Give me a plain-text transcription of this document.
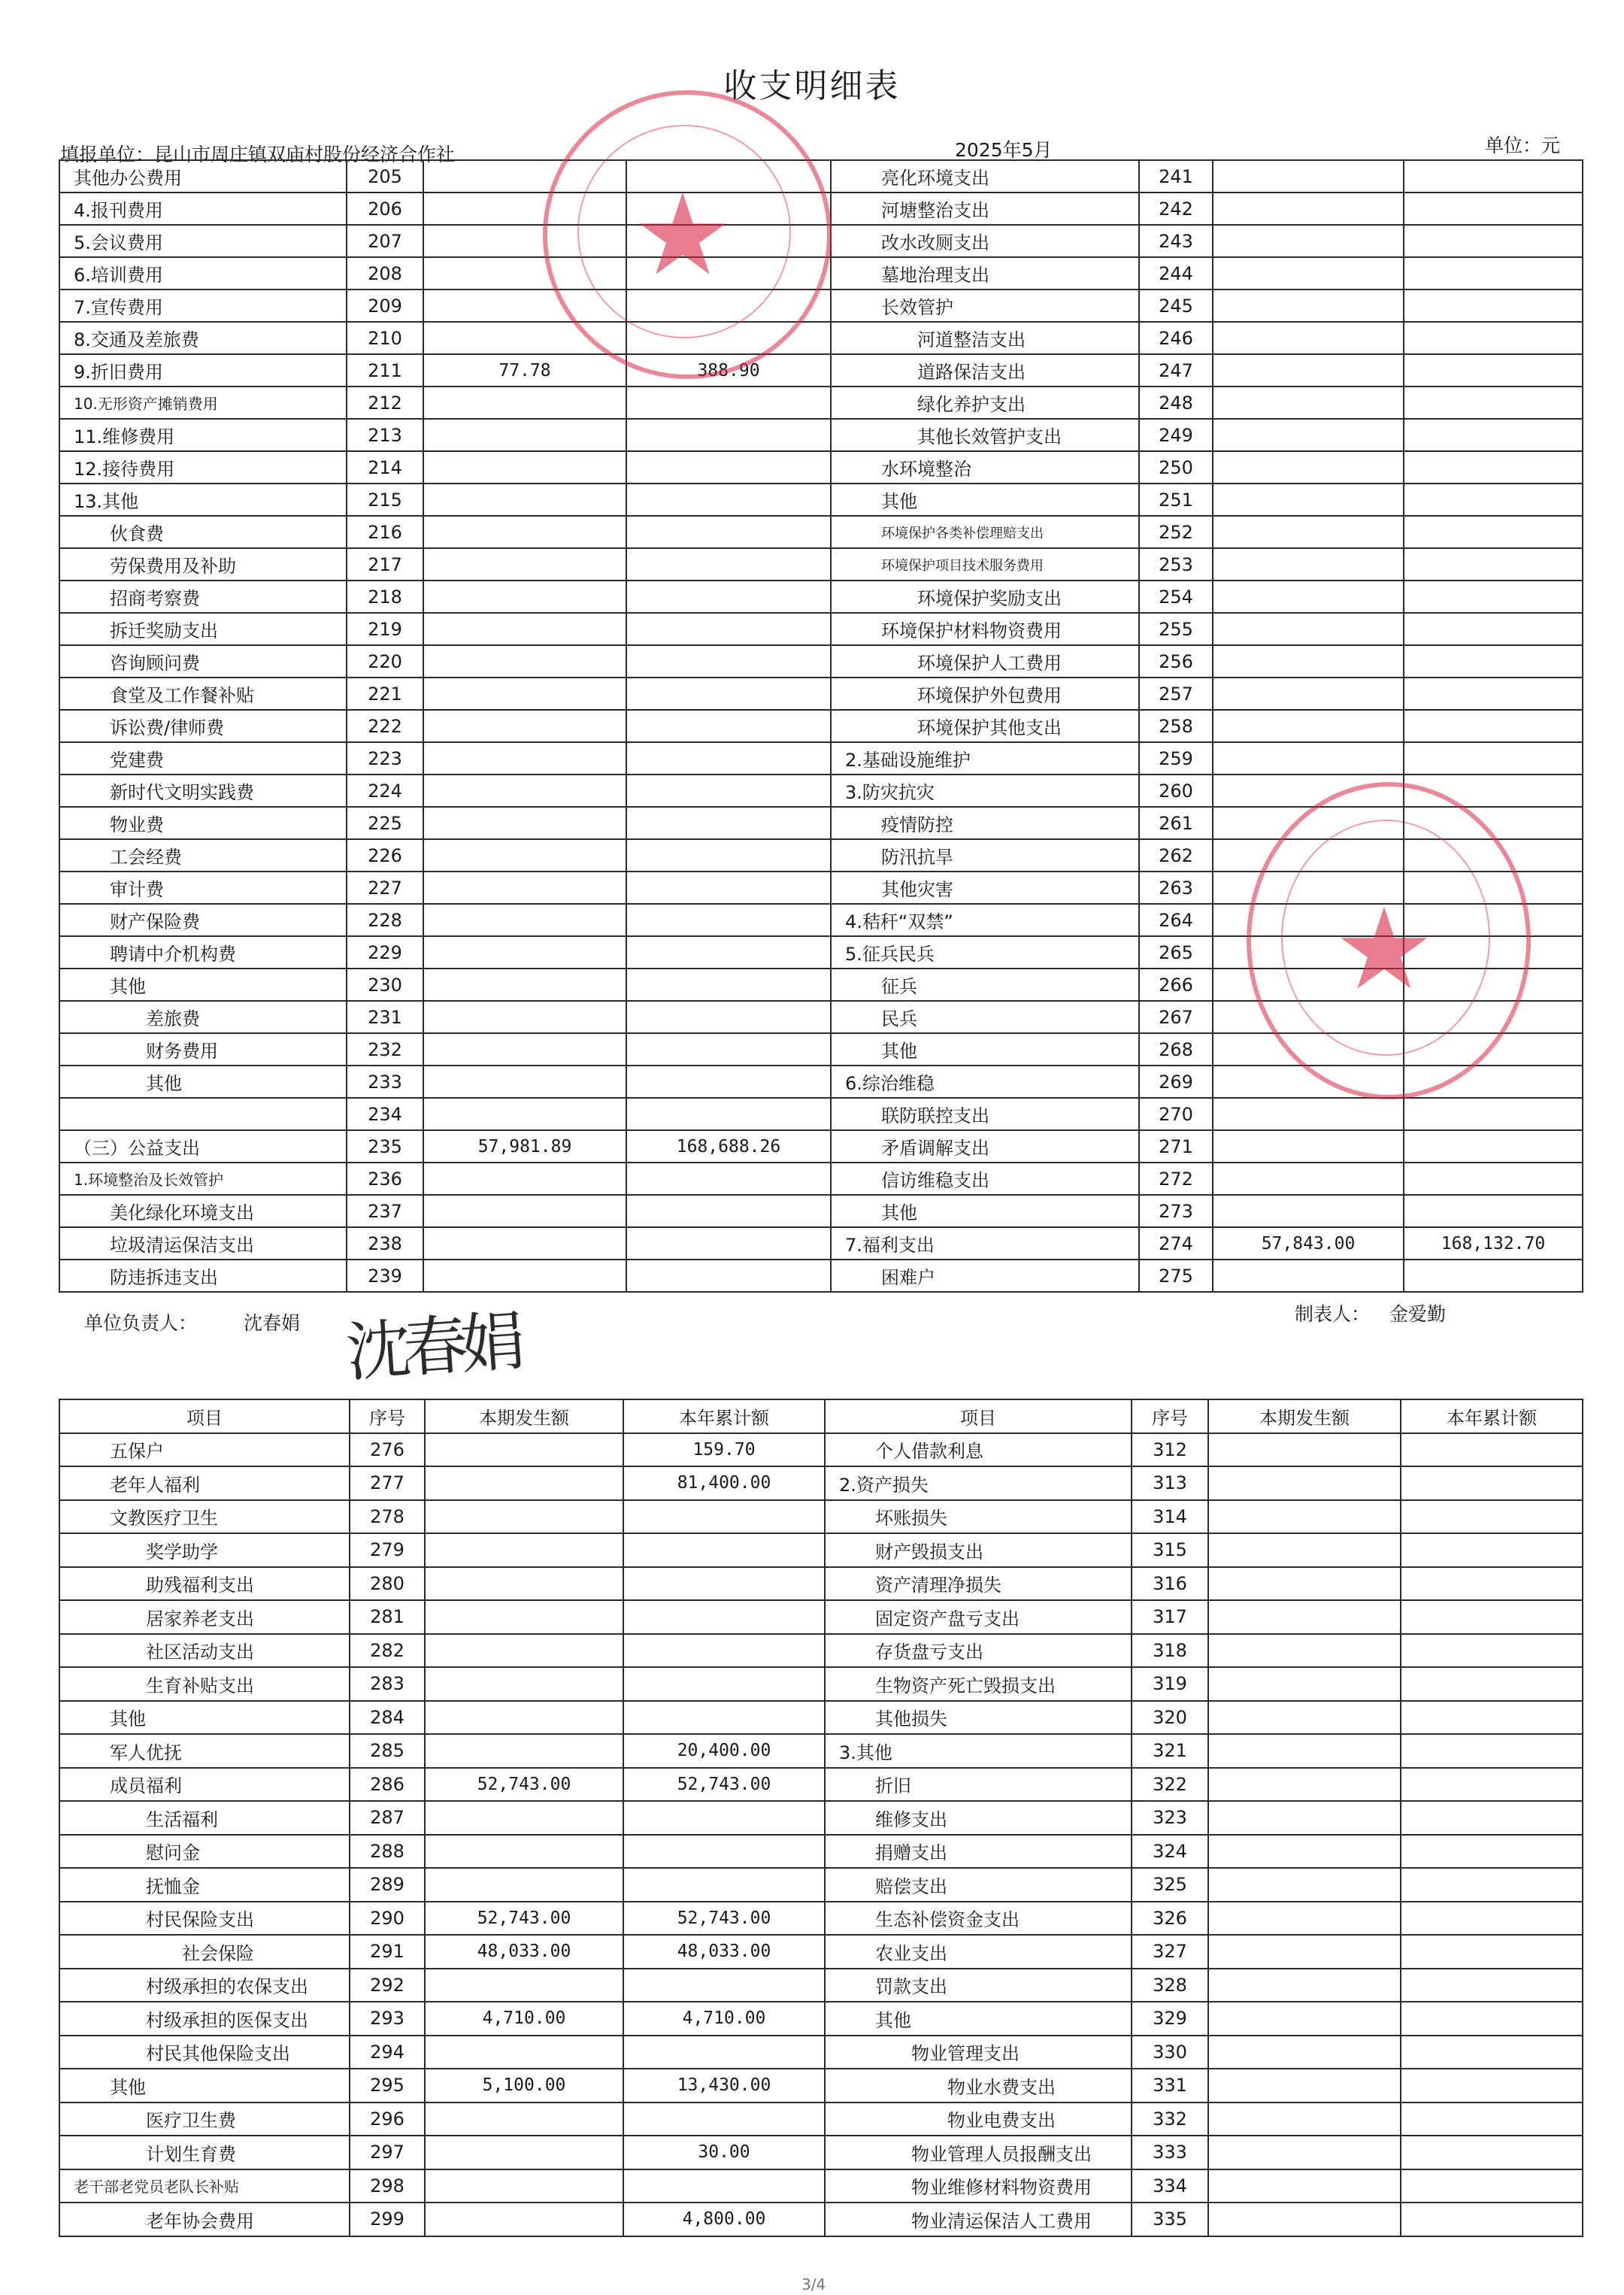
收支明细表
填报单位：昆山市周庄镇双庙村股份经济合作社	2025年5月	单位：元
其他办公费用	205			亮化环境支出	241		
4.报刊费用	206			河塘整治支出	242		
5.会议费用	207			改水改厕支出	243		
6.培训费用	208			墓地治理支出	244		
7.宣传费用	209			长效管护	245		
8.交通及差旅费	210			河道整洁支出	246		
9.折旧费用	211	77.78	388.90	道路保洁支出	247		
10.无形资产摊销费用	212			绿化养护支出	248		
11.维修费用	213			其他长效管护支出	249		
12.接待费用	214			水环境整治	250		
13.其他	215			其他	251		
伙食费	216			环境保护各类补偿理赔支出	252		
劳保费用及补助	217			环境保护项目技术服务费用	253		
招商考察费	218			环境保护奖励支出	254		
拆迁奖励支出	219			环境保护材料物资费用	255		
咨询顾问费	220			环境保护人工费用	256		
食堂及工作餐补贴	221			环境保护外包费用	257		
诉讼费/律师费	222			环境保护其他支出	258		
党建费	223			2.基础设施维护	259		
新时代文明实践费	224			3.防灾抗灾	260		
物业费	225			疫情防控	261		
工会经费	226			防汛抗旱	262		
审计费	227			其他灾害	263		
财产保险费	228			4.秸秆“双禁”	264		
聘请中介机构费	229			5.征兵民兵	265		
其他	230			征兵	266		
差旅费	231			民兵	267		
财务费用	232			其他	268		
其他	233			6.综治维稳	269		
	234			联防联控支出	270		
（三）公益支出	235	57,981.89	168,688.26	矛盾调解支出	271		
1.环境整治及长效管护	236			信访维稳支出	272		
美化绿化环境支出	237			其他	273		
垃圾清运保洁支出	238			7.福利支出	274	57,843.00	168,132.70
防违拆违支出	239			困难户	275		
单位负责人： 沈春娟 沈春娟	制表人： 金爱勤
项目	序号	本期发生额	本年累计额	项目	序号	本期发生额	本年累计额
五保户	276		159.70	个人借款利息	312		
老年人福利	277		81,400.00	2.资产损失	313		
文教医疗卫生	278			坏账损失	314		
奖学助学	279			财产毁损支出	315		
助残福利支出	280			资产清理净损失	316		
居家养老支出	281			固定资产盘亏支出	317		
社区活动支出	282			存货盘亏支出	318		
生育补贴支出	283			生物资产死亡毁损支出	319		
其他	284			其他损失	320		
军人优抚	285		20,400.00	3.其他	321		
成员福利	286	52,743.00	52,743.00	折旧	322		
生活福利	287			维修支出	323		
慰问金	288			捐赠支出	324		
抚恤金	289			赔偿支出	325		
村民保险支出	290	52,743.00	52,743.00	生态补偿资金支出	326		
社会保险	291	48,033.00	48,033.00	农业支出	327		
村级承担的农保支出	292			罚款支出	328		
村级承担的医保支出	293	4,710.00	4,710.00	其他	329		
村民其他保险支出	294			物业管理支出	330		
其他	295	5,100.00	13,430.00	物业水费支出	331		
医疗卫生费	296			物业电费支出	332		
计划生育费	297		30.00	物业管理人员报酬支出	333		
老干部老党员老队长补贴	298			物业维修材料物资费用	334		
老年协会费用	299		4,800.00	物业清运保洁人工费用	335		
3/4
★
★
